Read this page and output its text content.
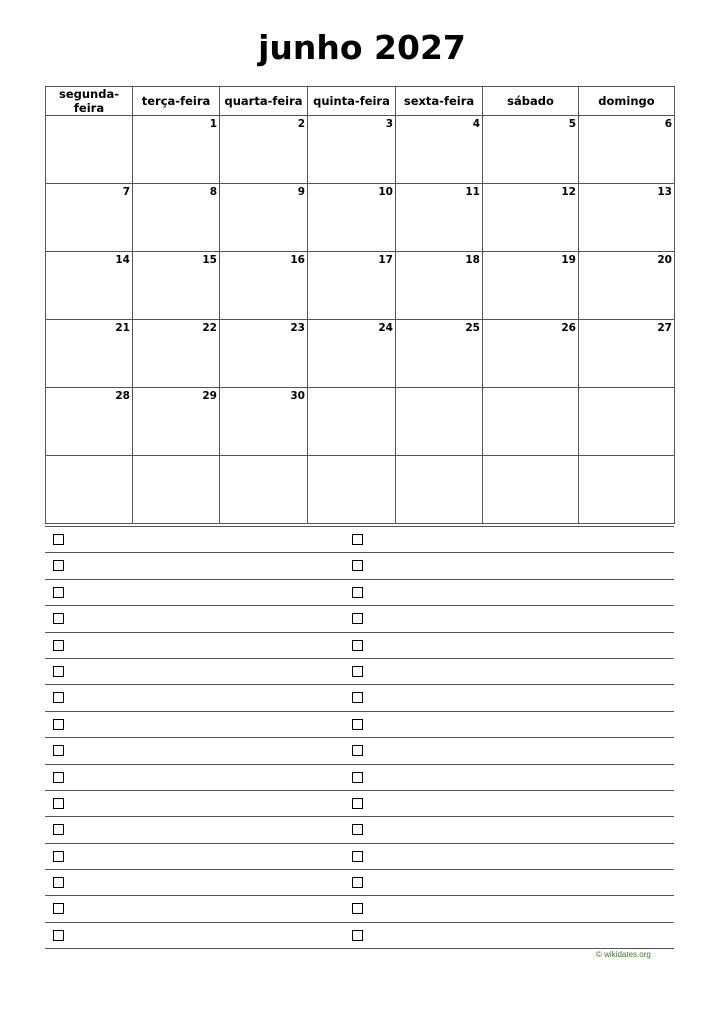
junho 2027
segunda-feira	terça-feira	quarta-feira	quinta-feira	sexta-feira	sábado	domingo

	1	2	3	4	5	6

7	8	9	10	11	12	13

14	15	16	17	18	19	20

21	22	23	24	25	26	27

28	29	30				

© wikidates.org
